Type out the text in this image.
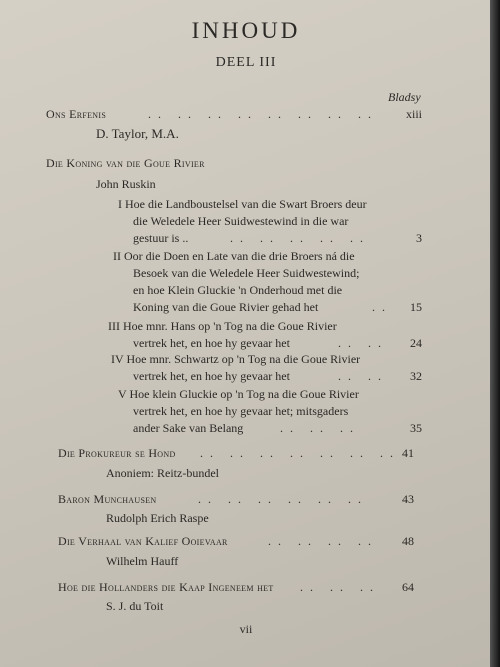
INHOUD
DEEL III
Bladsy
Ons Erfenis	.. .. .. .. .. .. .. ..	xiii
D. Taylor, M.A.
Die Koning van die Goue Rivier
John Ruskin
I Hoe die Landboustelsel van die Swart Broers deur
die Weledele Heer Suidwestewind in die war
gestuur is ..	.. .. .. .. ..	3
II Oor die Doen en Late van die drie Broers ná die
Besoek van die Weledele Heer Suidwestewind;
en hoe Klein Gluckie 'n Onderhoud met die
Koning van die Goue Rivier gehad het	..	15
III Hoe mnr. Hans op 'n Tog na die Goue Rivier
vertrek het, en hoe hy gevaar het	.. ..	24
IV Hoe mnr. Schwartz op 'n Tog na die Goue Rivier
vertrek het, en hoe hy gevaar het	.. ..	32
V Hoe klein Gluckie op 'n Tog na die Goue Rivier
vertrek het, en hoe hy gevaar het; mitsgaders
ander Sake van Belang	.. .. ..	35
Die Prokureur se Hond .. .. .. .. .. .. .. 41
Anoniem: Reitz-bundel
Baron Munchausen	.. .. .. .. .. ..	43
Rudolph Erich Raspe
Die Verhaal van Kalief Ooievaar	.. .. .. ..	48
Wilhelm Hauff
Hoe die Hollanders die Kaap Ingeneem het .. .. ..	64
S. J. du Toit
vii
